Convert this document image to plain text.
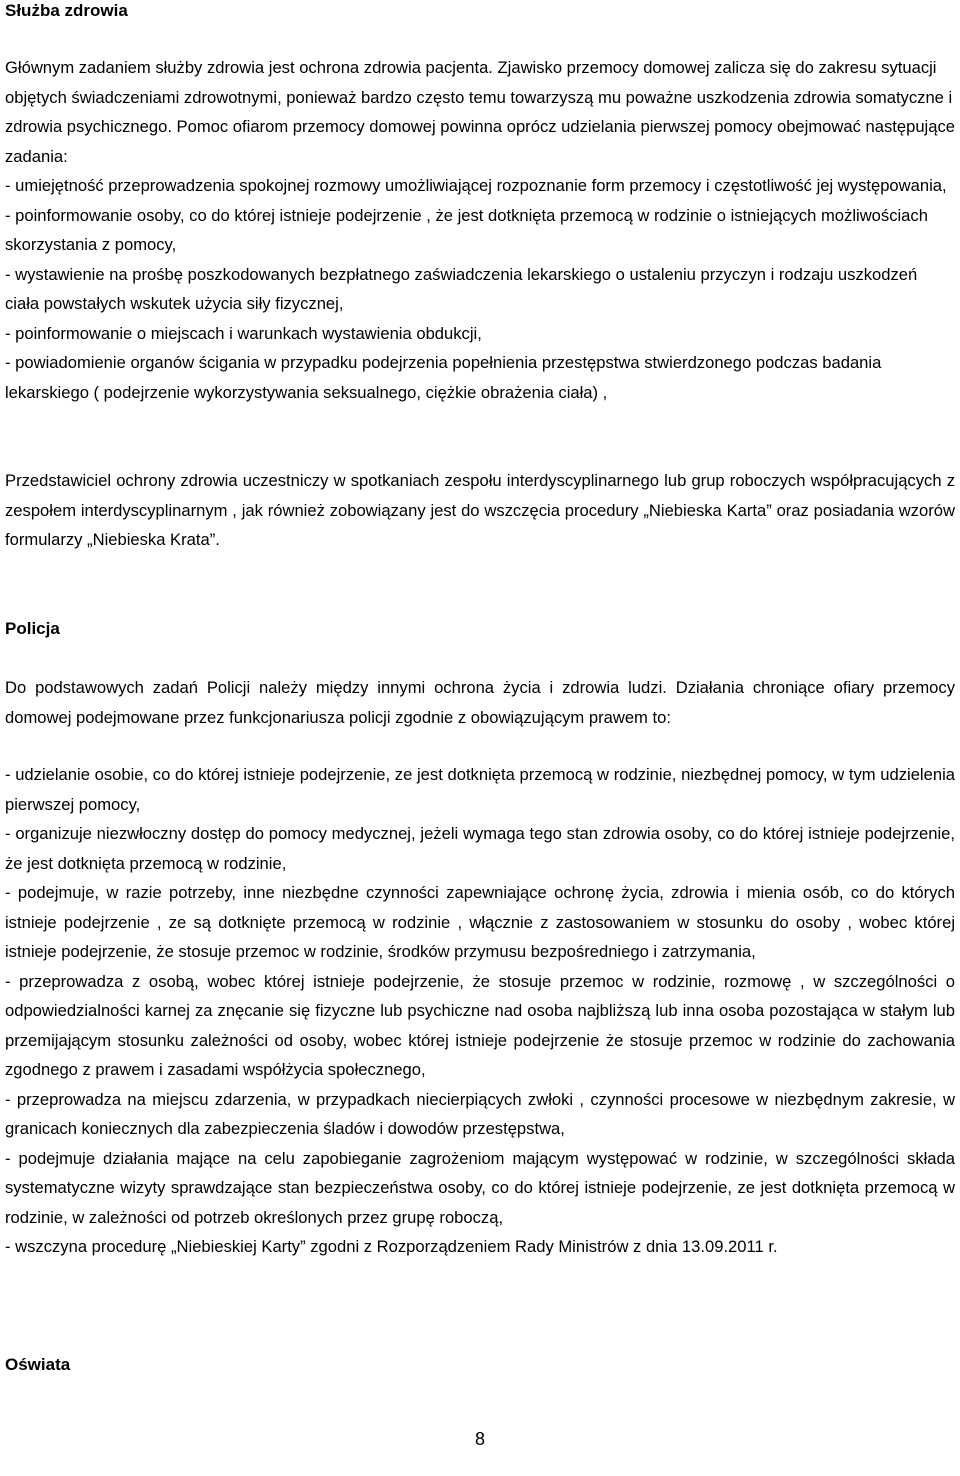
Służba zdrowia

Głównym zadaniem służby zdrowia jest ochrona zdrowia pacjenta. Zjawisko przemocy domowej zalicza się do zakresu sytuacji objętych świadczeniami zdrowotnymi, ponieważ bardzo często temu towarzyszą mu poważne uszkodzenia zdrowia somatyczne i zdrowia psychicznego. Pomoc ofiarom przemocy domowej powinna oprócz udzielania pierwszej pomocy obejmować następujące zadania:

- umiejętność przeprowadzenia spokojnej rozmowy umożliwiającej rozpoznanie form przemocy i częstotliwość jej występowania,

- poinformowanie osoby, co do której istnieje podejrzenie , że jest dotknięta przemocą w rodzinie o istniejących możliwościach skorzystania z pomocy,

- wystawienie na prośbę poszkodowanych bezpłatnego zaświadczenia lekarskiego o ustaleniu przyczyn i rodzaju uszkodzeń ciała powstałych wskutek użycia siły fizycznej,

- poinformowanie o miejscach i warunkach wystawienia obdukcji,

- powiadomienie organów ścigania w przypadku podejrzenia popełnienia przestępstwa stwierdzonego podczas badania lekarskiego ( podejrzenie wykorzystywania seksualnego, ciężkie obrażenia ciała) ,

Przedstawiciel ochrony zdrowia uczestniczy w spotkaniach zespołu interdyscyplinarnego lub grup roboczych współpracujących z zespołem interdyscyplinarnym , jak również zobowiązany jest do wszczęcia procedury „Niebieska Karta” oraz posiadania wzorów formularzy „Niebieska Krata”.

Policja

Do podstawowych zadań Policji należy między innymi ochrona życia i zdrowia ludzi. Działania chroniące ofiary przemocy domowej podejmowane przez funkcjonariusza policji zgodnie z obowiązującym prawem to:

- udzielanie osobie, co do której istnieje podejrzenie, ze jest dotknięta przemocą w rodzinie, niezbędnej pomocy, w tym udzielenia pierwszej pomocy,

- organizuje niezwłoczny dostęp do pomocy medycznej, jeżeli wymaga tego stan zdrowia osoby, co do której istnieje podejrzenie, że jest dotknięta przemocą w rodzinie,

- podejmuje, w razie potrzeby, inne niezbędne czynności zapewniające ochronę życia, zdrowia i mienia osób, co do których istnieje podejrzenie , ze są dotknięte przemocą w rodzinie , włącznie z zastosowaniem w stosunku do osoby , wobec której istnieje podejrzenie, że stosuje przemoc w rodzinie, środków przymusu bezpośredniego i zatrzymania,

- przeprowadza z osobą, wobec której istnieje podejrzenie, że stosuje przemoc w rodzinie, rozmowę , w szczególności o odpowiedzialności karnej za znęcanie się fizyczne lub psychiczne nad osoba najbliższą lub inna osoba pozostająca w stałym lub przemijającym stosunku zależności od osoby, wobec której istnieje podejrzenie że stosuje przemoc w rodzinie do zachowania zgodnego z prawem i zasadami współżycia społecznego,

- przeprowadza na miejscu zdarzenia, w przypadkach niecierpiących zwłoki , czynności procesowe w niezbędnym zakresie, w granicach koniecznych dla zabezpieczenia śladów i dowodów przestępstwa,

- podejmuje działania mające na celu zapobieganie zagrożeniom mającym występować w rodzinie, w szczególności składa systematyczne wizyty sprawdzające stan bezpieczeństwa osoby, co do której istnieje podejrzenie, ze jest dotknięta przemocą w rodzinie, w zależności od potrzeb określonych przez grupę roboczą,

- wszczyna procedurę „Niebieskiej Karty” zgodni z Rozporządzeniem Rady Ministrów z dnia 13.09.2011 r.

Oświata
8
